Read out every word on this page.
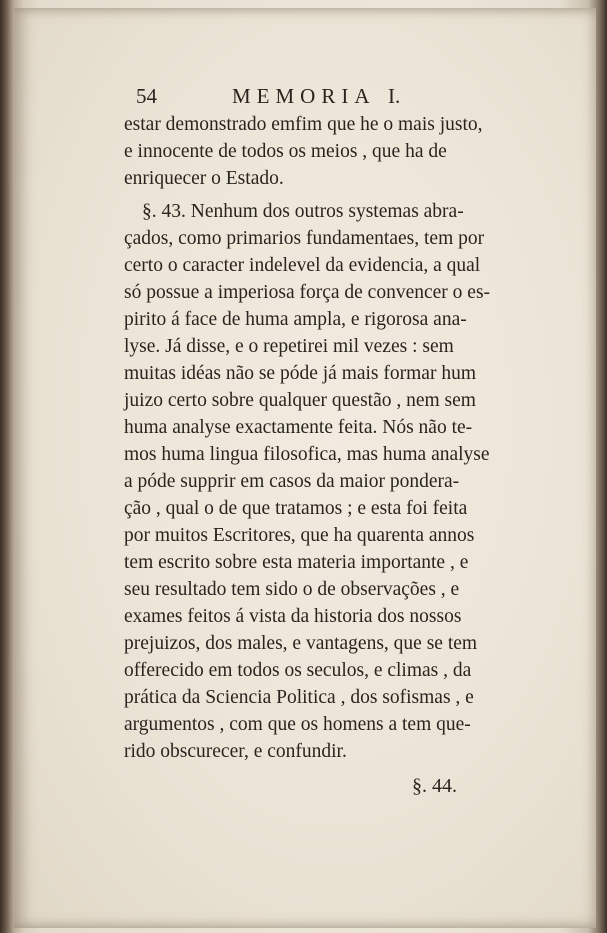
54	MEMORIA I.
estar demonstrado emfim que he o mais justo,
e innocente de todos os meios , que ha de
enriquecer o Estado.
§. 43. Nenhum dos outros systemas abra-
çados, como primarios fundamentaes, tem por
certo o caracter indelevel da evidencia, a qual
só possue a imperiosa força de convencer o es-
pirito á face de huma ampla, e rigorosa ana-
lyse. Já disse, e o repetirei mil vezes : sem
muitas idéas não se póde já mais formar hum
juizo certo sobre qualquer questão , nem sem
huma analyse exactamente feita. Nós não te-
mos huma lingua filosofica, mas huma analyse
a póde supprir em casos da maior pondera-
ção , qual o de que tratamos ; e esta foi feita
por muitos Escritores, que ha quarenta annos
tem escrito sobre esta materia importante , e
seu resultado tem sido o de observações , e
exames feitos á vista da historia dos nossos
prejuizos, dos males, e vantagens, que se tem
offerecido em todos os seculos, e climas , da
prática da Sciencia Politica , dos sofismas , e
argumentos , com que os homens a tem que-
rido obscurecer, e confundir.
§. 44.
